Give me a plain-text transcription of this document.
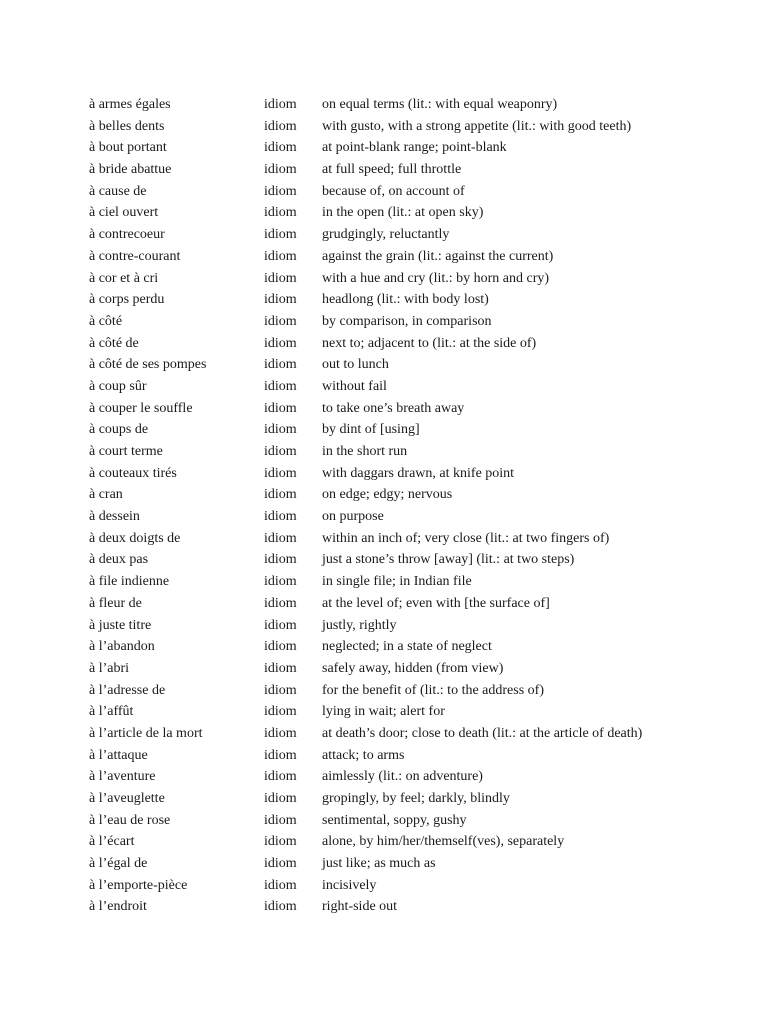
à armes égales	idiom on equal terms (lit.: with equal weaponry)
à belles dents	idiom with gusto, with a strong appetite (lit.: with good teeth)
à bout portant	idiom at point-blank range; point-blank
à bride abattue	idiom at full speed; full throttle
à cause de	idiom because of, on account of
à ciel ouvert	idiom in the open (lit.: at open sky)
à contrecoeur	idiom grudgingly, reluctantly
à contre-courant	idiom against the grain (lit.: against the current)
à cor et à cri	idiom with a hue and cry (lit.: by horn and cry)
à corps perdu	idiom headlong (lit.: with body lost)
à côté	idiom by comparison, in comparison
à côté de	idiom next to; adjacent to (lit.: at the side of)
à côté de ses pompes	idiom out to lunch
à coup sûr	idiom without fail
à couper le souffle	idiom to take one’s breath away
à coups de	idiom by dint of [using]
à court terme	idiom in the short run
à couteaux tirés	idiom with daggars drawn, at knife point
à cran	idiom on edge; edgy; nervous
à dessein	idiom on purpose
à deux doigts de	idiom within an inch of; very close (lit.: at two fingers of)
à deux pas	idiom just a stone’s throw [away] (lit.: at two steps)
à file indienne	idiom in single file; in Indian file
à fleur de	idiom at the level of; even with [the surface of]
à juste titre	idiom justly, rightly
à l’abandon	idiom neglected; in a state of neglect
à l’abri	idiom safely away, hidden (from view)
à l’adresse de	idiom for the benefit of (lit.: to the address of)
à l’affût	idiom lying in wait; alert for
à l’article de la mort	idiom at death’s door; close to death (lit.: at the article of death)
à l’attaque	idiom attack; to arms
à l’aventure	idiom aimlessly (lit.: on adventure)
à l’aveuglette	idiom gropingly, by feel; darkly, blindly
à l’eau de rose	idiom sentimental, soppy, gushy
à l’écart	idiom alone, by him/her/themself(ves), separately
à l’égal de	idiom just like; as much as
à l’emporte-pièce	idiom incisively
à l’endroit	idiom right-side out
